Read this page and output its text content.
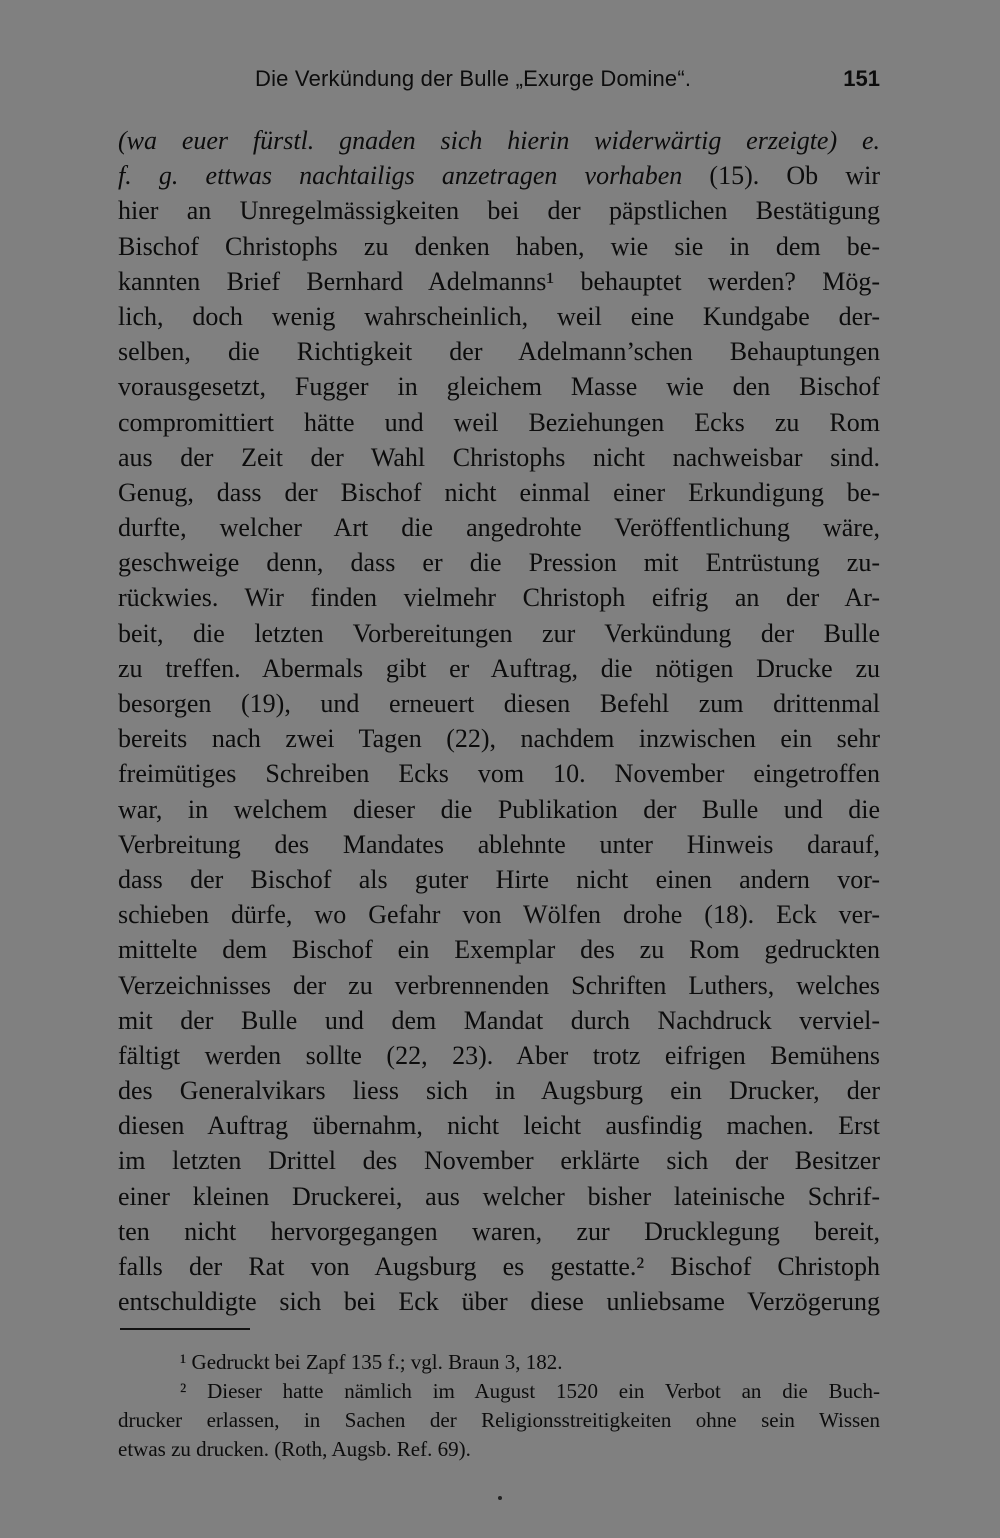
Die Verkündung der Bulle „Exurge Domine“.	151
(wa euer fürstl. gnaden sich hierin widerwärtig erzeigte) e.
f. g. ettwas nachtailigs anzetragen vorhaben (15). Ob wir
hier an Unregelmässigkeiten bei der päpstlichen Bestätigung
Bischof Christophs zu denken haben, wie sie in dem be-
kannten Brief Bernhard Adelmanns¹ behauptet werden? Mög-
lich, doch wenig wahrscheinlich, weil eine Kundgabe der-
selben, die Richtigkeit der Adelmann’schen Behauptungen
vorausgesetzt, Fugger in gleichem Masse wie den Bischof
compromittiert hätte und weil Beziehungen Ecks zu Rom
aus der Zeit der Wahl Christophs nicht nachweisbar sind.
Genug, dass der Bischof nicht einmal einer Erkundigung be-
durfte, welcher Art die angedrohte Veröffentlichung wäre,
geschweige denn, dass er die Pression mit Entrüstung zu-
rückwies. Wir finden vielmehr Christoph eifrig an der Ar-
beit, die letzten Vorbereitungen zur Verkündung der Bulle
zu treffen. Abermals gibt er Auftrag, die nötigen Drucke zu
besorgen (19), und erneuert diesen Befehl zum drittenmal
bereits nach zwei Tagen (22), nachdem inzwischen ein sehr
freimütiges Schreiben Ecks vom 10. November eingetroffen
war, in welchem dieser die Publikation der Bulle und die
Verbreitung des Mandates ablehnte unter Hinweis darauf,
dass der Bischof als guter Hirte nicht einen andern vor-
schieben dürfe, wo Gefahr von Wölfen drohe (18). Eck ver-
mittelte dem Bischof ein Exemplar des zu Rom gedruckten
Verzeichnisses der zu verbrennenden Schriften Luthers, welches
mit der Bulle und dem Mandat durch Nachdruck verviel-
fältigt werden sollte (22, 23). Aber trotz eifrigen Bemühens
des Generalvikars liess sich in Augsburg ein Drucker, der
diesen Auftrag übernahm, nicht leicht ausfindig machen. Erst
im letzten Drittel des November erklärte sich der Besitzer
einer kleinen Druckerei, aus welcher bisher lateinische Schrif-
ten nicht hervorgegangen waren, zur Drucklegung bereit,
falls der Rat von Augsburg es gestatte.² Bischof Christoph
entschuldigte sich bei Eck über diese unliebsame Verzögerung
¹ Gedruckt bei Zapf 135 f.; vgl. Braun 3, 182.
² Dieser hatte nämlich im August 1520 ein Verbot an die Buch-
drucker erlassen, in Sachen der Religionsstreitigkeiten ohne sein Wissen
etwas zu drucken. (Roth, Augsb. Ref. 69).
